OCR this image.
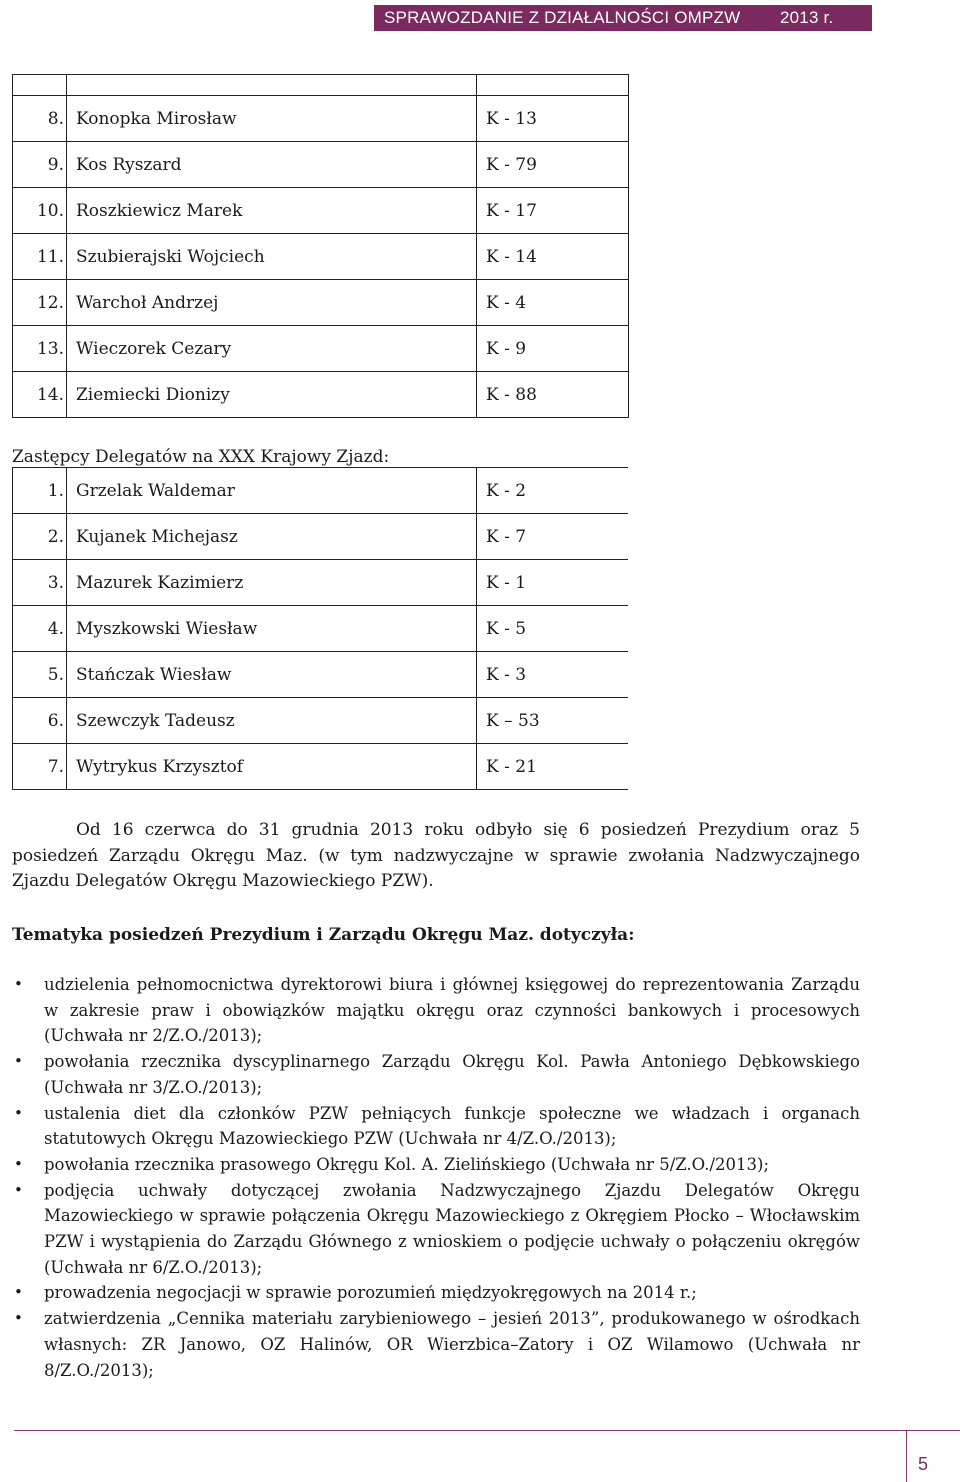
SPRAWOZDANIE Z DZIAŁALNOŚCI OMPZW 2013 r.

8.	Konopka Mirosław	K - 13
9.	Kos Ryszard	K - 79
10.	Roszkiewicz Marek	K - 17
11.	Szubierajski Wojciech	K - 14
12.	Warchoł Andrzej	K - 4
13.	Wieczorek Cezary	K - 9
14.	Ziemiecki Dionizy	K - 88
1.	Grzelak Waldemar	K - 2
2.	Kujanek Michejasz	K - 7
3.	Mazurek Kazimierz	K - 1
4.	Myszkowski Wiesław	K - 5
5.	Stańczak Wiesław	K - 3
6.	Szewczyk Tadeusz	K – 53
7.	Wytrykus Krzysztof	K - 21
Zastępcy Delegatów na XXX Krajowy Zjazd:

Od 16 czerwca do 31 grudnia 2013 roku odbyło się 6 posiedzeń Prezydium oraz 5 posiedzeń Zarządu Okręgu Maz. (w tym nadzwyczajne w sprawie zwołania Nadzwyczajnego Zjazdu Delegatów Okręgu Mazowieckiego PZW).

Tematyka posiedzeń Prezydium i Zarządu Okręgu Maz. dotyczyła:
• udzielenia pełnomocnictwa dyrektorowi biura i głównej księgowej do reprezentowania Zarządu w zakresie praw i obowiązków majątku okręgu oraz czynności bankowych i procesowych (Uchwała nr 2/Z.O./2013);
• powołania rzecznika dyscyplinarnego Zarządu Okręgu Kol. Pawła Antoniego Dębkowskiego (Uchwała nr 3/Z.O./2013);
• ustalenia diet dla członków PZW pełniących funkcje społeczne we władzach i organach statutowych Okręgu Mazowieckiego PZW (Uchwała nr 4/Z.O./2013);
• powołania rzecznika prasowego Okręgu Kol. A. Zielińskiego (Uchwała nr 5/Z.O./2013);
• podjęcia uchwały dotyczącej zwołania Nadzwyczajnego Zjazdu Delegatów Okręgu Mazowieckiego w sprawie połączenia Okręgu Mazowieckiego z Okręgiem Płocko – Włocławskim PZW i wystąpienia do Zarządu Głównego z wnioskiem o podjęcie uchwały o połączeniu okręgów (Uchwała nr 6/Z.O./2013);
• prowadzenia negocjacji w sprawie porozumień międzyokręgowych na 2014 r.;
• zatwierdzenia „Cennika materiału zarybieniowego – jesień 2013”, produkowanego w ośrodkach własnych: ZR Janowo, OZ Halinów, OR Wierzbica–Zatory i OZ Wilamowo (Uchwała nr 8/Z.O./2013);
5
